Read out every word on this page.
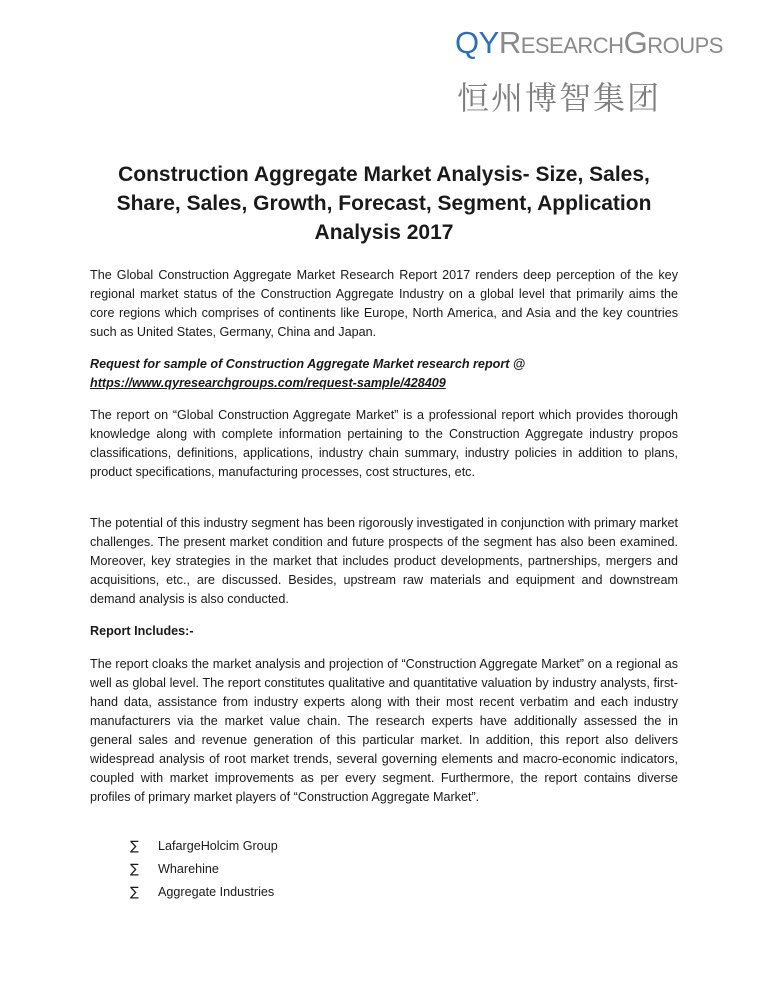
QYRESEARCHGROUPS
恒州博智集团
Construction Aggregate Market Analysis- Size, Sales, Share, Sales, Growth, Forecast, Segment, Application Analysis 2017
The Global Construction Aggregate Market Research Report 2017 renders deep perception of the key regional market status of the Construction Aggregate Industry on a global level that primarily aims the core regions which comprises of continents like Europe, North America, and Asia and the key countries such as United States, Germany, China and Japan.
Request for sample of Construction Aggregate Market research report @
https://www.qyresearchgroups.com/request-sample/428409
The report on “Global Construction Aggregate Market” is a professional report which provides thorough knowledge along with complete information pertaining to the Construction Aggregate industry propos classifications, definitions, applications, industry chain summary, industry policies in addition to plans, product specifications, manufacturing processes, cost structures, etc.
The potential of this industry segment has been rigorously investigated in conjunction with primary market challenges. The present market condition and future prospects of the segment has also been examined. Moreover, key strategies in the market that includes product developments, partnerships, mergers and acquisitions, etc., are discussed. Besides, upstream raw materials and equipment and downstream demand analysis is also conducted.
Report Includes:-
The report cloaks the market analysis and projection of “Construction Aggregate Market” on a regional as well as global level. The report constitutes qualitative and quantitative valuation by industry analysts, first-hand data, assistance from industry experts along with their most recent verbatim and each industry manufacturers via the market value chain. The research experts have additionally assessed the in general sales and revenue generation of this particular market. In addition, this report also delivers widespread analysis of root market trends, several governing elements and macro-economic indicators, coupled with market improvements as per every segment. Furthermore, the report contains diverse profiles of primary market players of “Construction Aggregate Market”.
∑	LafargeHolcim Group
∑	Wharehine
∑	Aggregate Industries
